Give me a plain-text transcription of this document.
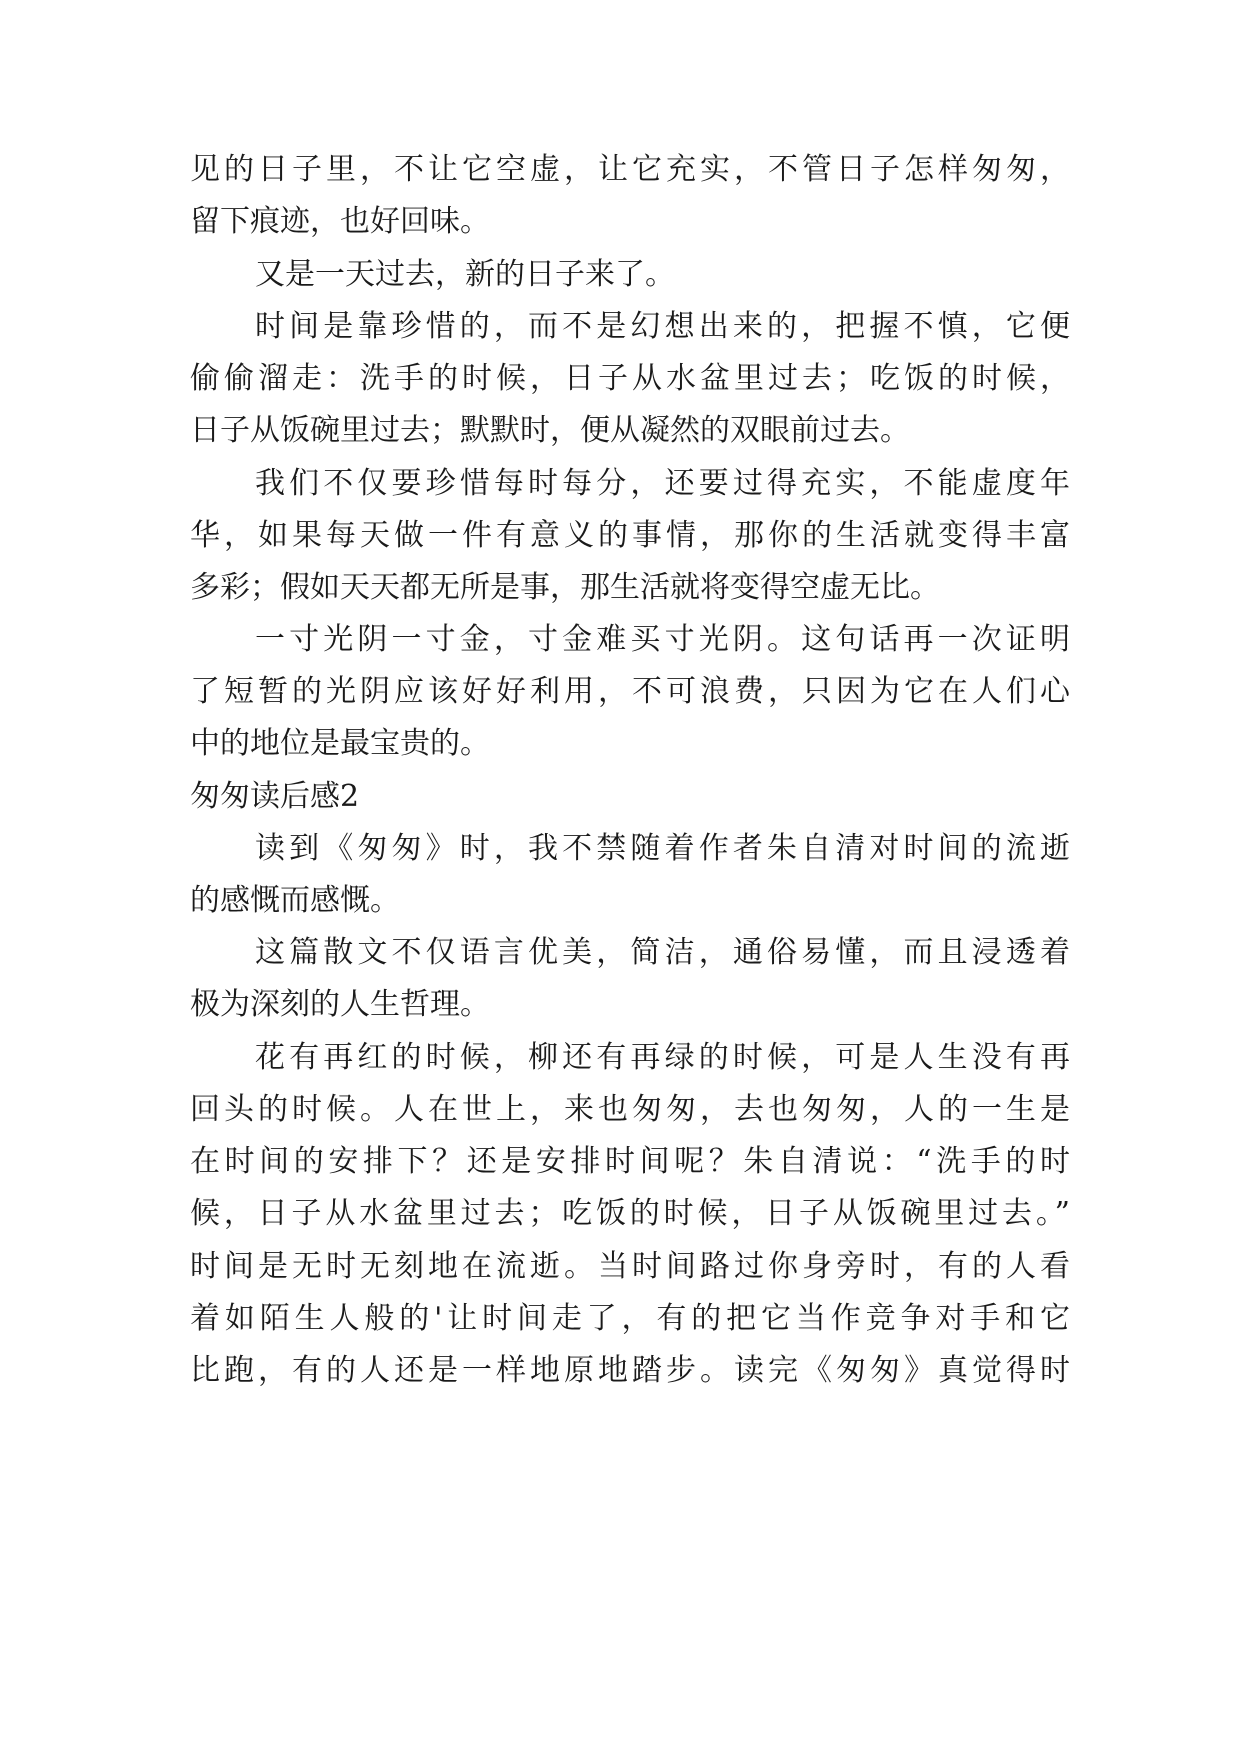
见的日子里，不让它空虚，让它充实，不管日子怎样匆匆，
留下痕迹，也好回味。
又是一天过去，新的日子来了。
时间是靠珍惜的，而不是幻想出来的，把握不慎，它便
偷偷溜走：洗手的时候，日子从水盆里过去；吃饭的时候，
日子从饭碗里过去；默默时，便从凝然的双眼前过去。
我们不仅要珍惜每时每分，还要过得充实，不能虚度年
华，如果每天做一件有意义的事情，那你的生活就变得丰富
多彩；假如天天都无所是事，那生活就将变得空虚无比。
一寸光阴一寸金，寸金难买寸光阴。这句话再一次证明
了短暂的光阴应该好好利用，不可浪费，只因为它在人们心
中的地位是最宝贵的。
匆匆读后感2
读到《匆匆》时，我不禁随着作者朱自清对时间的流逝
的感慨而感慨。
这篇散文不仅语言优美，简洁，通俗易懂，而且浸透着
极为深刻的人生哲理。
花有再红的时候，柳还有再绿的时候，可是人生没有再
回头的时候。人在世上，来也匆匆，去也匆匆，人的一生是
在时间的安排下？还是安排时间呢？朱自清说：“洗手的时
候，日子从水盆里过去；吃饭的时候，日子从饭碗里过去。”
时间是无时无刻地在流逝。当时间路过你身旁时，有的人看
着如陌生人般的'让时间走了，有的把它当作竞争对手和它
比跑，有的人还是一样地原地踏步。读完《匆匆》真觉得时
